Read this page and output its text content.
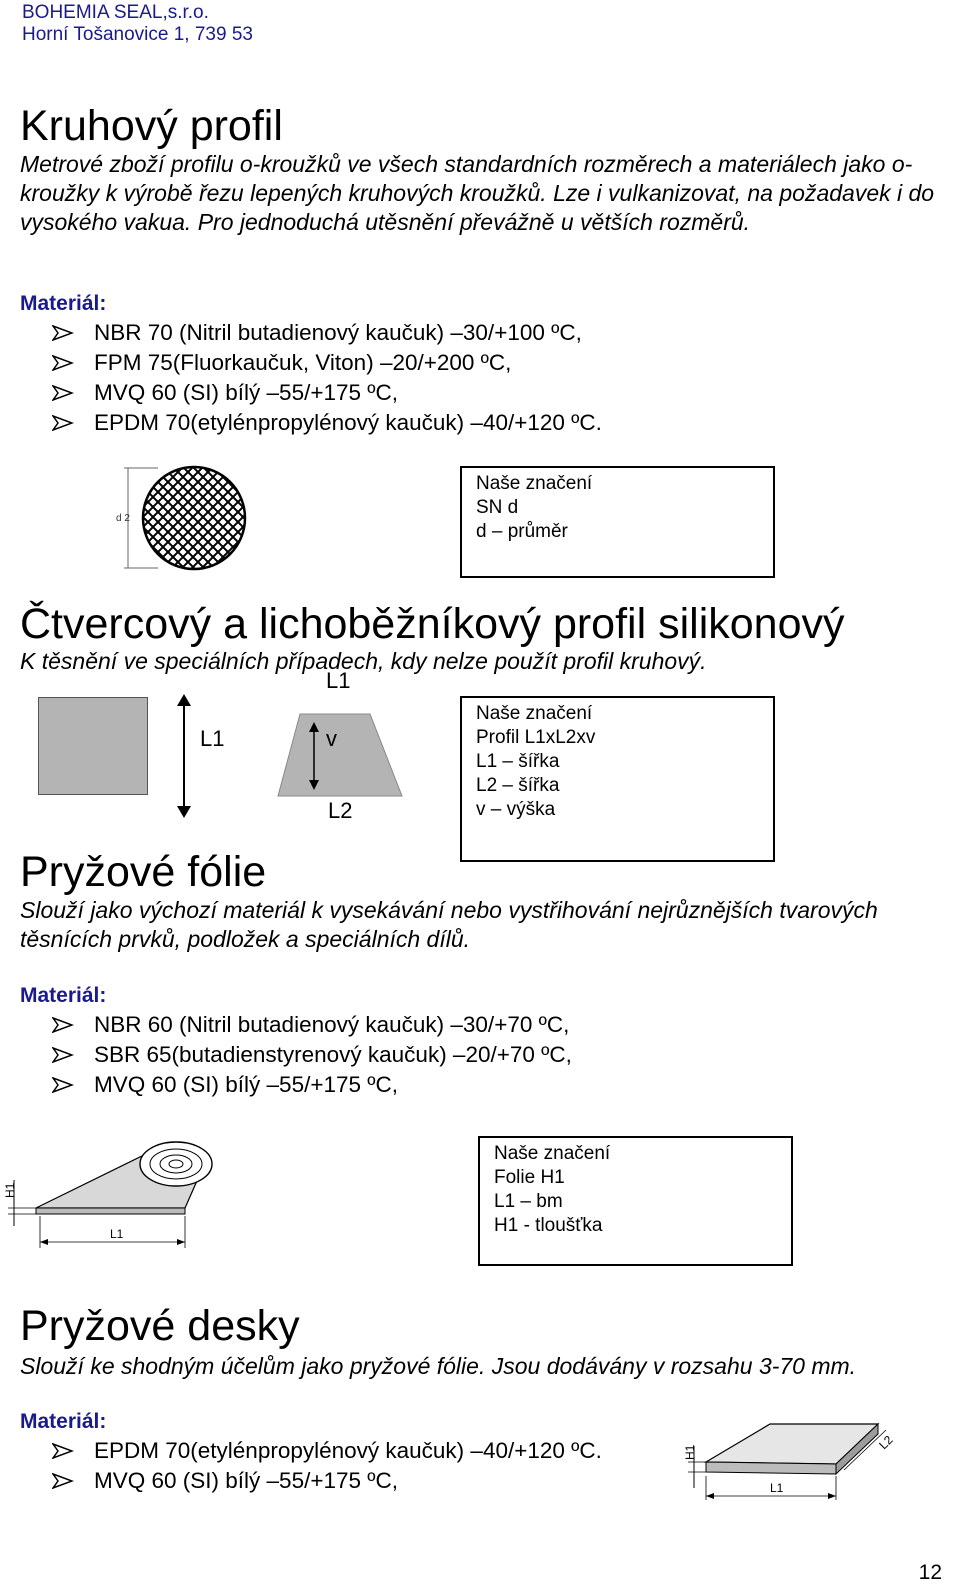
BOHEMIA SEAL,s.r.o.
Horní Tošanovice 1, 739 53
Kruhový profil
Metrové zboží profilu o-kroužků ve všech standardních rozměrech a materiálech jako o-kroužky k výrobě řezu lepených kruhových kroužků. Lze i vulkanizovat, na požadavek i do vysokého vakua. Pro jednoduchá utěsnění převážně u větších rozměrů.
Materiál:
NBR 70 (Nitril butadienový kaučuk) –30/+100 ºC,
FPM 75(Fluorkaučuk, Viton) –20/+200 ºC,
MVQ 60 (SI) bílý –55/+175 ºC,
EPDM 70(etylénpropylénový kaučuk) –40/+120 ºC.
d 2
Naše značení
SN d
d – průměr
Čtvercový a lichoběžníkový profil silikonový
K těsnění ve speciálních případech, kdy nelze použít profil kruhový.
L1
L1
v
L2
Naše značení
Profil L1xL2xv
L1 – šířka
L2 – šířka
v – výška
Pryžové fólie
Slouží jako výchozí materiál k vysekávání nebo vystřihování nejrůznějších tvarových těsnících prvků, podložek a speciálních dílů.
Materiál:
NBR 60 (Nitril butadienový kaučuk) –30/+70 ºC,
SBR 65(butadienstyrenový kaučuk) –20/+70 ºC,
MVQ 60 (SI) bílý –55/+175 ºC,
H1
L1
Naše značení
Folie H1
L1 – bm
H1 - tloušťka
Pryžové desky
Slouží ke shodným účelům jako pryžové fólie. Jsou dodávány v rozsahu 3-70 mm.
Materiál:
EPDM 70(etylénpropylénový kaučuk) –40/+120 ºC.
MVQ 60 (SI) bílý –55/+175 ºC,
H1
L1
L2
12
